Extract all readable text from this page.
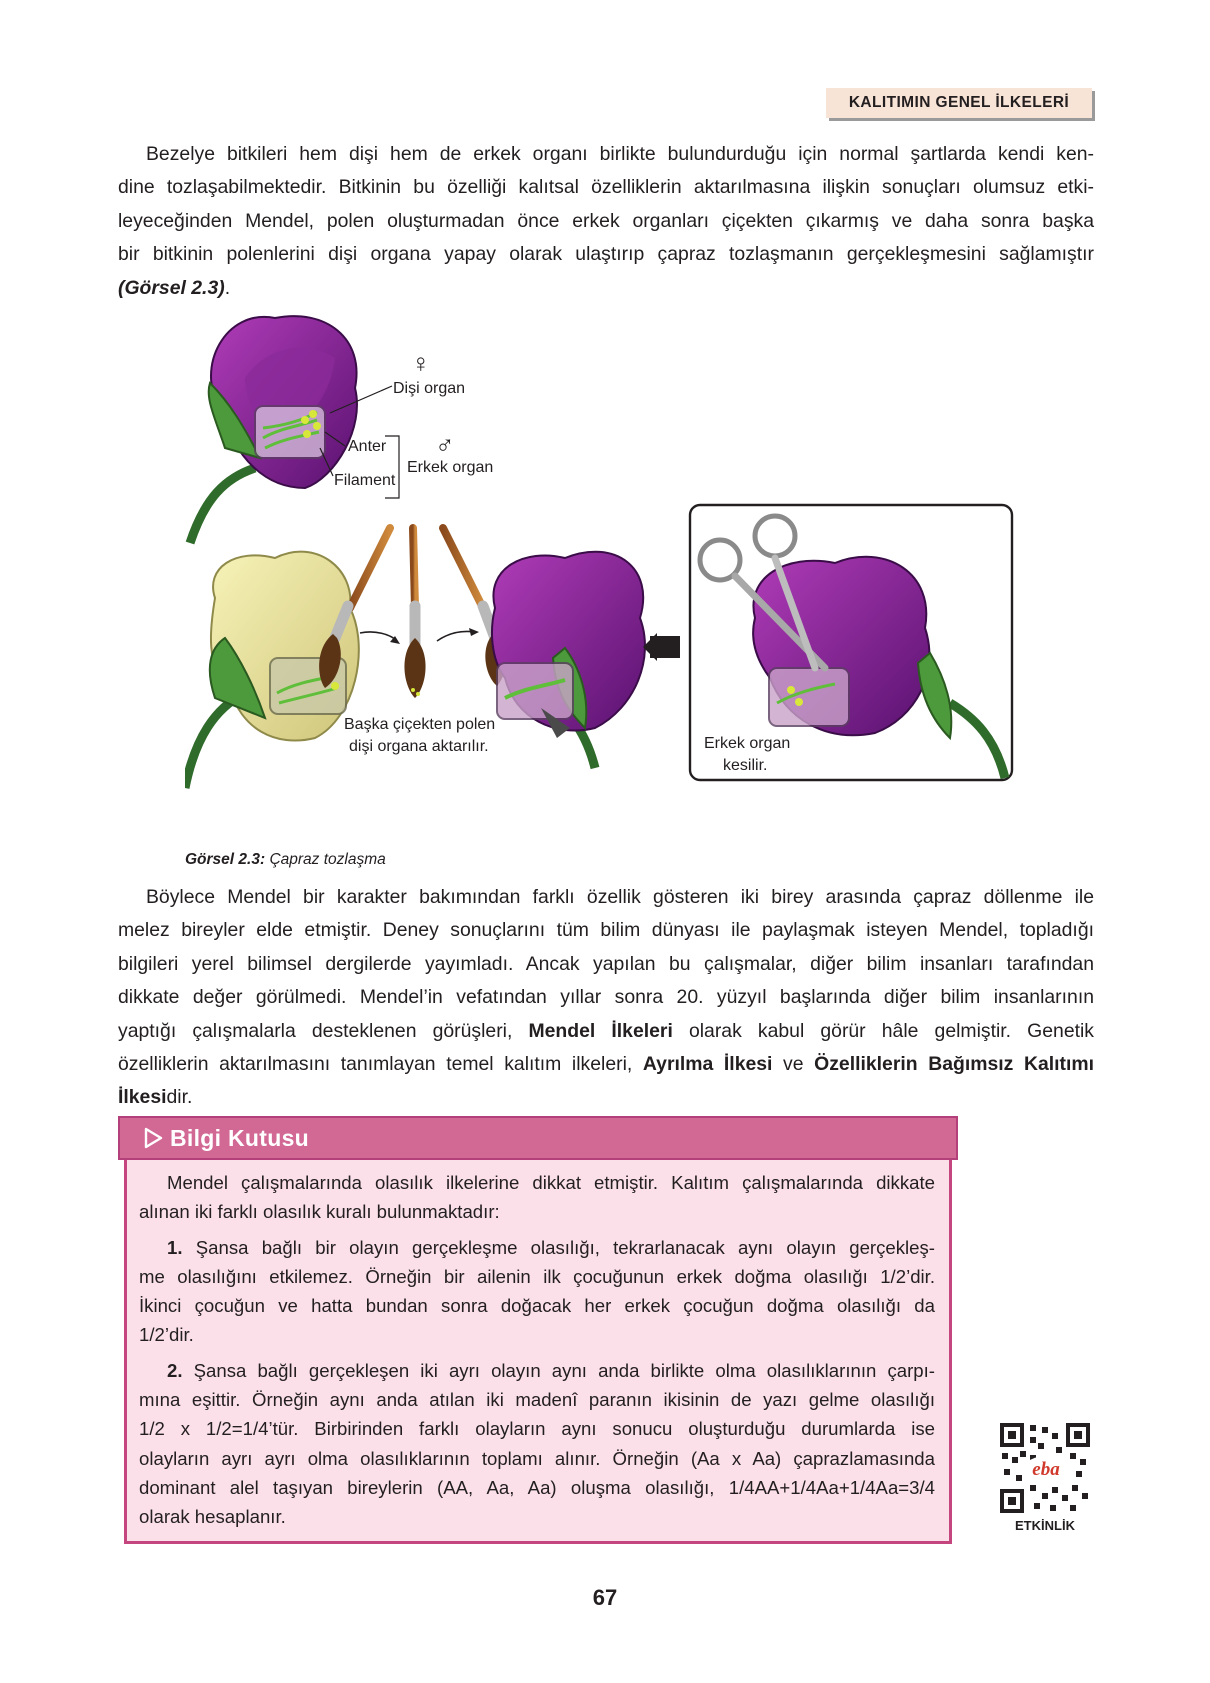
KALITIMIN GENEL İLKELERİ

Bezelye bitkileri hem dişi hem de erkek organı birlikte bulundurduğu için normal şartlarda kendi ken-
dine tozlaşabilmektedir. Bitkinin bu özelliği kalıtsal özelliklerin aktarılmasına ilişkin sonuçları olumsuz etki-
leyeceğinden Mendel, polen oluşturmadan önce erkek organları çiçekten çıkarmış ve daha sonra başka
bir bitkinin polenlerini dişi organa yapay olarak ulaştırıp çapraz tozlaşmanın gerçekleşmesini sağlamıştır
(Görsel 2.3).

♀
Dişi organ
Anter
Filament
♂
Erkek organ
Başka çiçekten polen
dişi organa aktarılır.	Erkek organ
kesilir.
Görsel 2.3: Çapraz tozlaşma

Böylece Mendel bir karakter bakımından farklı özellik gösteren iki birey arasında çapraz döllenme ile
melez bireyler elde etmiştir. Deney sonuçlarını tüm bilim dünyası ile paylaşmak isteyen Mendel, topladığı
bilgileri yerel bilimsel dergilerde yayımladı. Ancak yapılan bu çalışmalar, diğer bilim insanları tarafından
dikkate değer görülmedi. Mendel’in vefatından yıllar sonra 20. yüzyıl başlarında diğer bilim insanlarının
yaptığı çalışmalarla desteklenen görüşleri, Mendel İlkeleri olarak kabul görür hâle gelmiştir. Genetik
özelliklerin aktarılmasını tanımlayan temel kalıtım ilkeleri, Ayrılma İlkesi ve Özelliklerin Bağımsız Kalıtımı
İlkesidir.

Bilgi Kutusu
Mendel çalışmalarında olasılık ilkelerine dikkat etmiştir. Kalıtım çalışmalarında dikkate
alınan iki farklı olasılık kuralı bulunmaktadır:
1. Şansa bağlı bir olayın gerçekleşme olasılığı, tekrarlanacak aynı olayın gerçekleş-
me olasılığını etkilemez. Örneğin bir ailenin ilk çocuğunun erkek doğma olasılığı 1/2’dir.
İkinci çocuğun ve hatta bundan sonra doğacak her erkek çocuğun doğma olasılığı da
1/2’dir.
2. Şansa bağlı gerçekleşen iki ayrı olayın aynı anda birlikte olma olasılıklarının çarpı-
mına eşittir. Örneğin aynı anda atılan iki madenî paranın ikisinin de yazı gelme olasılığı
1/2 x 1/2=1/4’tür. Birbirinden farklı olayların aynı sonucu oluşturduğu durumlarda ise
olayların ayrı ayrı olma olasılıklarının toplamı alınır. Örneğin (Aa x Aa) çaprazlamasında
dominant alel taşıyan bireylerin (AA, Aa, Aa) oluşma olasılığı, 1/4AA+1/4Aa+1/4Aa=3/4
olarak hesaplanır.
eba
ETKİNLİK
67
